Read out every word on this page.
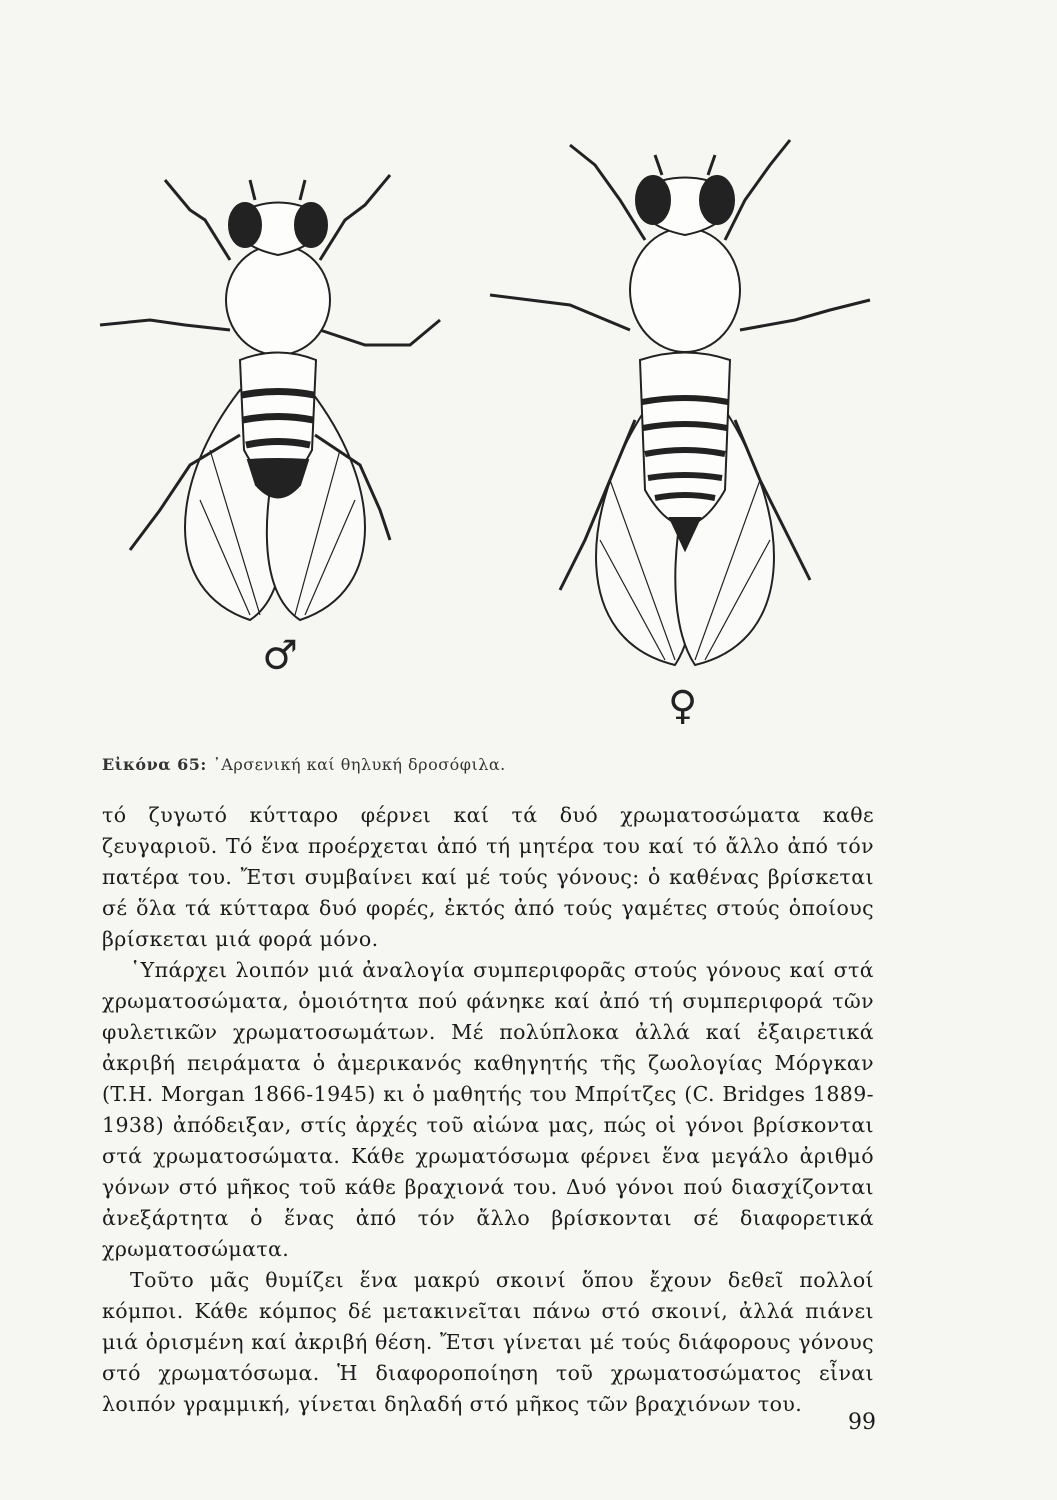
♂
♀
Εἰκόνα 65: ᾿Αρσενική καί θηλυκή δροσόφιλα.

τό ζυγωτό κύτταρο φέρνει καί τά δυό χρωματοσώματα καθε ζευγαριοῦ. Τό ἕνα προέρχεται ἀπό τή μητέρα του καί τό ἄλλο ἀπό τόν πατέρα του. Ἔτσι συμβαίνει καί μέ τούς γόνους: ὁ καθένας βρίσκεται σέ ὅλα τά κύτταρα δυό φορές, ἐκτός ἀπό τούς γαμέτες στούς ὁποίους βρίσκεται μιά φορά μόνο.

῾Υπάρχει λοιπόν μιά ἀναλογία συμπεριφορᾶς στούς γόνους καί στά χρωματοσώματα, ὁμοιότητα πού φάνηκε καί ἀπό τή συμπεριφορά τῶν φυλετικῶν χρωματοσωμάτων. Μέ πολύπλοκα ἀλλά καί ἐξαιρετικά ἀκριβή πειράματα ὁ ἀμερικανός καθηγητής τῆς ζωολογίας Μόργκαν (T.H. Morgan 1866-1945) κι ὁ μαθητής του Μπρίτζες (C. Bridges 1889-1938) ἀπόδειξαν, στίς ἀρχές τοῦ αἰώνα μας, πώς οἱ γόνοι βρίσκονται στά χρωματοσώματα. Κάθε χρωματόσωμα φέρνει ἕνα μεγάλο ἀριθμό γόνων στό μῆκος τοῦ κάθε βραχιονά του. Δυό γόνοι πού διασχίζονται ἀνεξάρτητα ὁ ἕνας ἀπό τόν ἄλλο βρίσκονται σέ διαφορετικά χρωματοσώματα.

Τοῦτο μᾶς θυμίζει ἕνα μακρύ σκοινί ὅπου ἔχουν δεθεῖ πολλοί κόμποι. Κάθε κόμπος δέ μετακινεῖται πάνω στό σκοινί, ἀλλά πιάνει μιά ὁρισμένη καί ἀκριβή θέση. Ἔτσι γίνεται μέ τούς διάφορους γόνους στό χρωματόσωμα. Ἡ διαφοροποίηση τοῦ χρωματοσώματος εἶναι λοιπόν γραμμική, γίνεται δηλαδή στό μῆκος τῶν βραχιόνων του.

99
